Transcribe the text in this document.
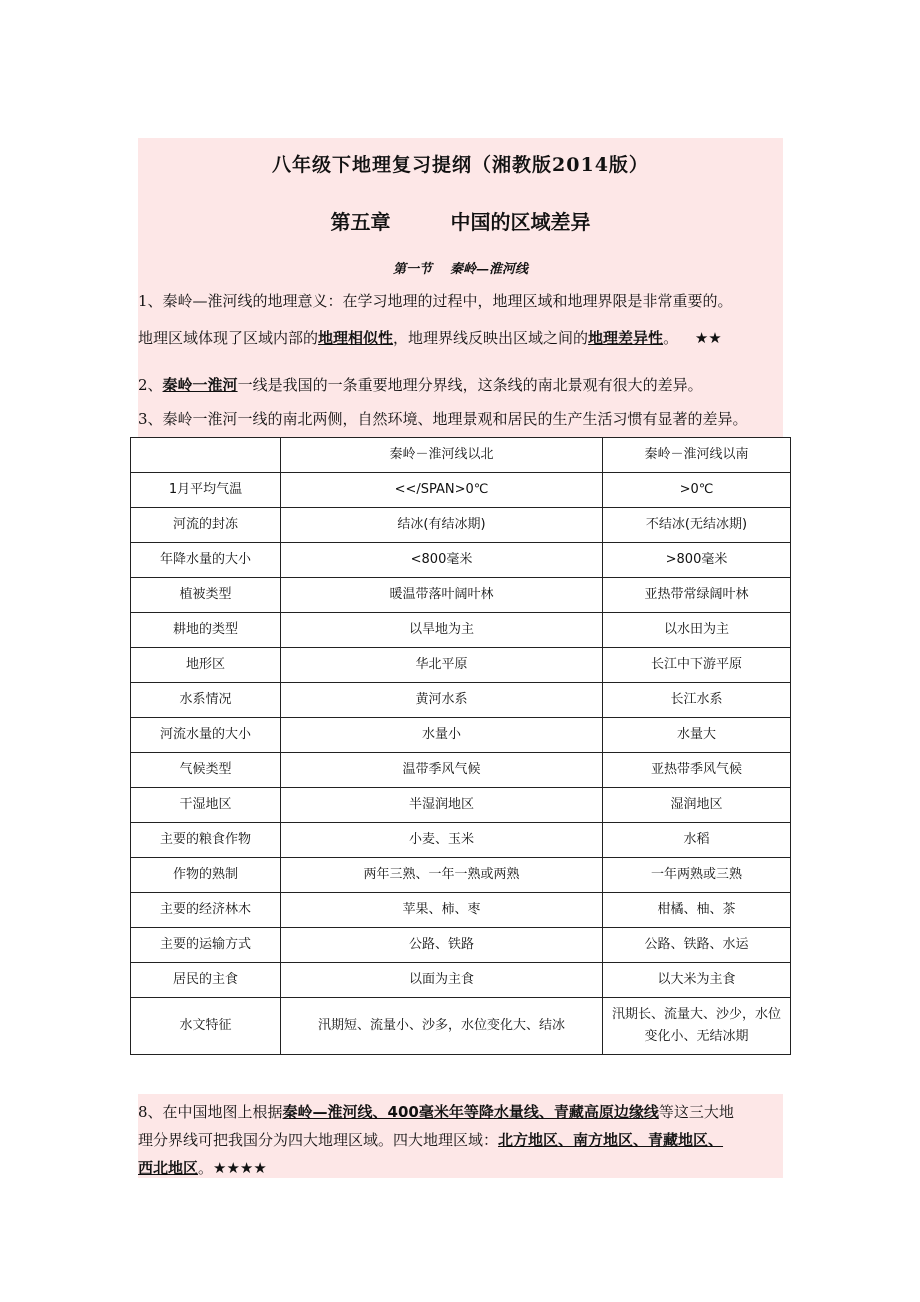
八年级下地理复习提纲（湘教版2014版）
第五章	中国的区域差异
第一节 秦岭—淮河线
1、秦岭—淮河线的地理意义：在学习地理的过程中，地理区域和地理界限是非常重要的。
地理区域体现了区域内部的地理相似性，地理界线反映出区域之间的地理差异性。 ★★
2、秦岭一淮河一线是我国的一条重要地理分界线，这条线的南北景观有很大的差异。
3、秦岭一淮河一线的南北两侧，自然环境、地理景观和居民的生产生活习惯有显著的差异。
	秦岭－淮河线以北	秦岭－淮河线以南
1月平均气温	<</SPAN>0℃	>0℃
河流的封冻	结冰(有结冰期)	不结冰(无结冰期)
年降水量的大小	<800毫米	>800毫米
植被类型	暖温带落叶阔叶林	亚热带常绿阔叶林
耕地的类型	以旱地为主	以水田为主
地形区	华北平原	长江中下游平原
水系情况	黄河水系	长江水系
河流水量的大小	水量小	水量大
气候类型	温带季风气候	亚热带季风气候
干湿地区	半湿润地区	湿润地区
主要的粮食作物	小麦、玉米	水稻
作物的熟制	两年三熟、一年一熟或两熟	一年两熟或三熟
主要的经济林木	苹果、柿、枣	柑橘、柚、茶
主要的运输方式	公路、铁路	公路、铁路、水运
居民的主食	以面为主食	以大米为主食
水文特征	汛期短、流量小、沙多，水位变化大、结冰	汛期长、流量大、沙少，水位变化小、无结冰期
8、在中国地图上根据秦岭—淮河线、400毫米年等降水量线、青藏高原边缘线等这三大地
理分界线可把我国分为四大地理区域。四大地理区域：北方地区、南方地区、青藏地区、
西北地区。★★★★
